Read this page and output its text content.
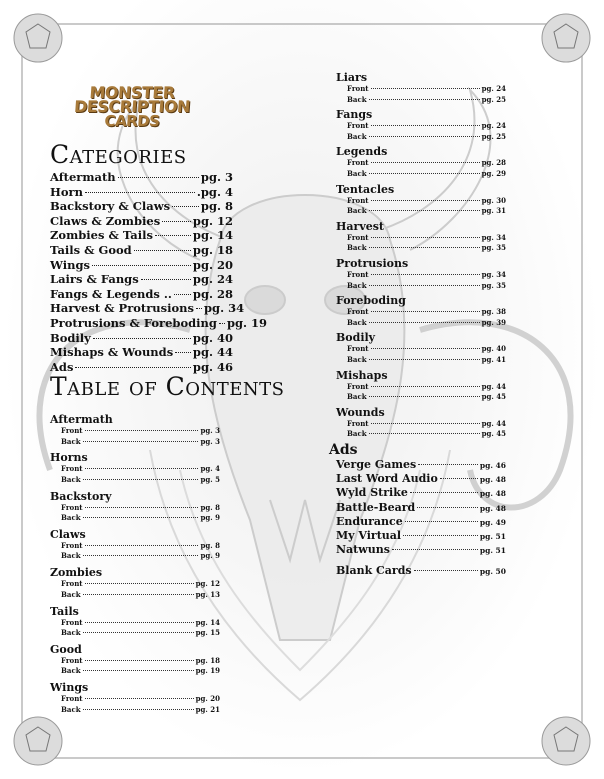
MONSTER
DESCRIPTION
CARDS
Categories
Aftermath	pg. 3
Horn	.pg. 4
Backstory & Claws	pg. 8
Claws & Zombies	pg. 12
Zombies & Tails	pg. 14
Tails & Good	pg. 18
Wings	pg. 20
Lairs & Fangs	pg. 24
Fangs & Legends .. pg. 28
Harvest & Protrusions pg. 34
Protrusions & Foreboding pg. 19
Bodily	pg. 40
Mishaps & Wounds pg. 44
Ads	pg. 46
Table of Contents
Aftermath
Front	pg. 3
Back	pg. 3
Horns
Front	pg. 4
Back	pg. 5
Backstory
Front	pg. 8
Back	pg. 9
Claws
Front	pg. 8
Back	pg. 9
Zombies
Front	pg. 12
Back	pg. 13
Tails
Front	pg. 14
Back	pg. 15
Good
Front	pg. 18
Back	pg. 19
Wings
Front	pg. 20
Back	pg. 21
Liars
Front	pg. 24
Back	pg. 25
Fangs
Front	pg. 24
Back	pg. 25
Legends
Front	pg. 28
Back	pg. 29
Tentacles
Front	pg. 30
Back	pg. 31
Harvest
Front	pg. 34
Back	pg. 35
Protrusions
Front	pg. 34
Back	pg. 35
Foreboding
Front	pg. 38
Back	pg. 39
Bodily
Front	pg. 40
Back	pg. 41
Mishaps
Front	pg. 44
Back	pg. 45
Wounds
Front	pg. 44
Back	pg. 45
Ads
Verge Games	pg. 46
Last Word Audio	pg. 48
Wyld Strike	pg. 48
Battle-Beard	pg. 48
Endurance	pg. 49
My Virtual	pg. 51
Natwuns	pg. 51
Blank Cards	pg. 50
